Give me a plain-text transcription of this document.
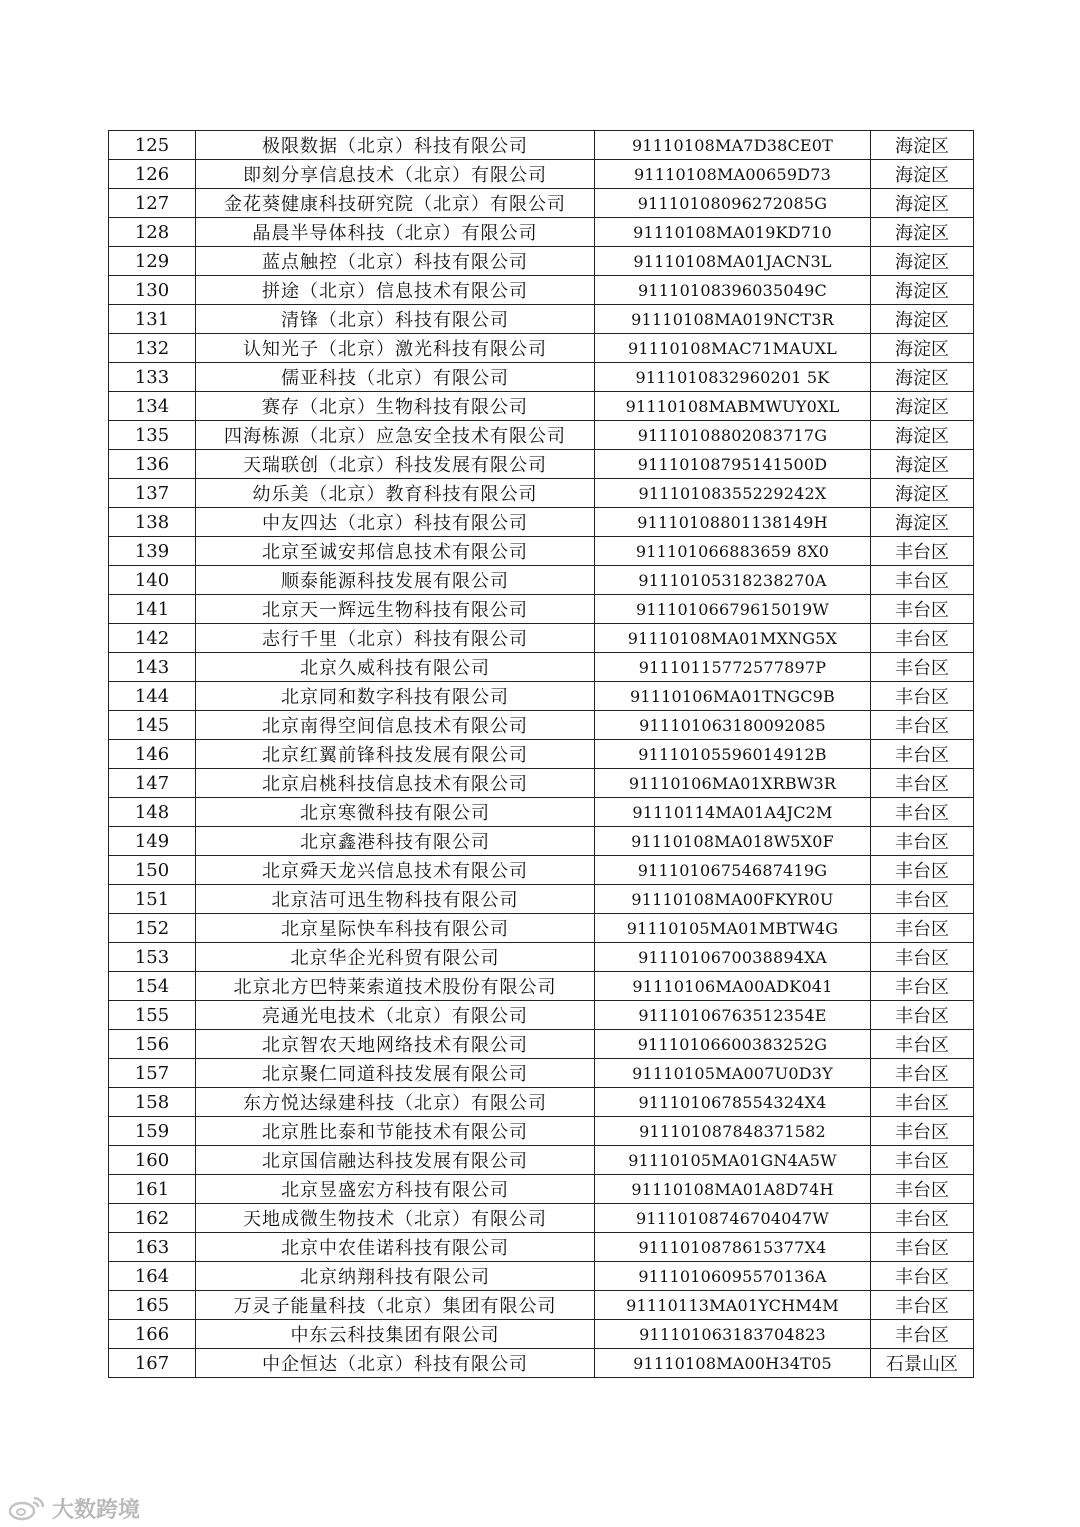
125	极限数据（北京）科技有限公司	91110108MA7D38CE0T	海淀区
126	即刻分享信息技术（北京）有限公司	91110108MA00659D73	海淀区
127	金花葵健康科技研究院（北京）有限公司	91110108096272085G	海淀区
128	晶晨半导体科技（北京）有限公司	91110108MA019KD710	海淀区
129	蓝点触控（北京）科技有限公司	91110108MA01JACN3L	海淀区
130	拼途（北京）信息技术有限公司	91110108396035049C	海淀区
131	清锋（北京）科技有限公司	91110108MA019NCT3R	海淀区
132	认知光子（北京）激光科技有限公司	91110108MAC71MAUXL	海淀区
133	儒亚科技（北京）有限公司	9111010832960201 5K	海淀区
134	赛存（北京）生物科技有限公司	91110108MABMWUY0XL	海淀区
135	四海栋源（北京）应急安全技术有限公司	91110108802083717G	海淀区
136	天瑞联创（北京）科技发展有限公司	91110108795141500D	海淀区
137	幼乐美（北京）教育科技有限公司	91110108355229242X	海淀区
138	中友四达（北京）科技有限公司	91110108801138149H	海淀区
139	北京至诚安邦信息技术有限公司	911101066883659 8X0	丰台区
140	顺泰能源科技发展有限公司	91110105318238270A	丰台区
141	北京天一辉远生物科技有限公司	91110106679615019W	丰台区
142	志行千里（北京）科技有限公司	91110108MA01MXNG5X	丰台区
143	北京久威科技有限公司	91110115772577897P	丰台区
144	北京同和数字科技有限公司	91110106MA01TNGC9B	丰台区
145	北京南得空间信息技术有限公司	911101063180092085	丰台区
146	北京红翼前锋科技发展有限公司	91110105596014912B	丰台区
147	北京启桃科技信息技术有限公司	91110106MA01XRBW3R	丰台区
148	北京寒微科技有限公司	91110114MA01A4JC2M	丰台区
149	北京鑫港科技有限公司	91110108MA018W5X0F	丰台区
150	北京舜天龙兴信息技术有限公司	91110106754687419G	丰台区
151	北京洁可迅生物科技有限公司	91110108MA00FKYR0U	丰台区
152	北京星际快车科技有限公司	91110105MA01MBTW4G	丰台区
153	北京华企光科贸有限公司	9111010670038894XA	丰台区
154	北京北方巴特莱索道技术股份有限公司	91110106MA00ADK041	丰台区
155	亮通光电技术（北京）有限公司	91110106763512354E	丰台区
156	北京智农天地网络技术有限公司	91110106600383252G	丰台区
157	北京聚仁同道科技发展有限公司	91110105MA007U0D3Y	丰台区
158	东方悦达绿建科技（北京）有限公司	9111010678554324X4	丰台区
159	北京胜比泰和节能技术有限公司	911101087848371582	丰台区
160	北京国信融达科技发展有限公司	91110105MA01GN4A5W	丰台区
161	北京昱盛宏方科技有限公司	91110108MA01A8D74H	丰台区
162	天地成微生物技术（北京）有限公司	91110108746704047W	丰台区
163	北京中农佳诺科技有限公司	9111010878615377X4	丰台区
164	北京纳翔科技有限公司	91110106095570136A	丰台区
165	万灵子能量科技（北京）集团有限公司	91110113MA01YCHM4M	丰台区
166	中东云科技集团有限公司	911101063183704823	丰台区
167	中企恒达（北京）科技有限公司	91110108MA00H34T05	石景山区
大数跨境
